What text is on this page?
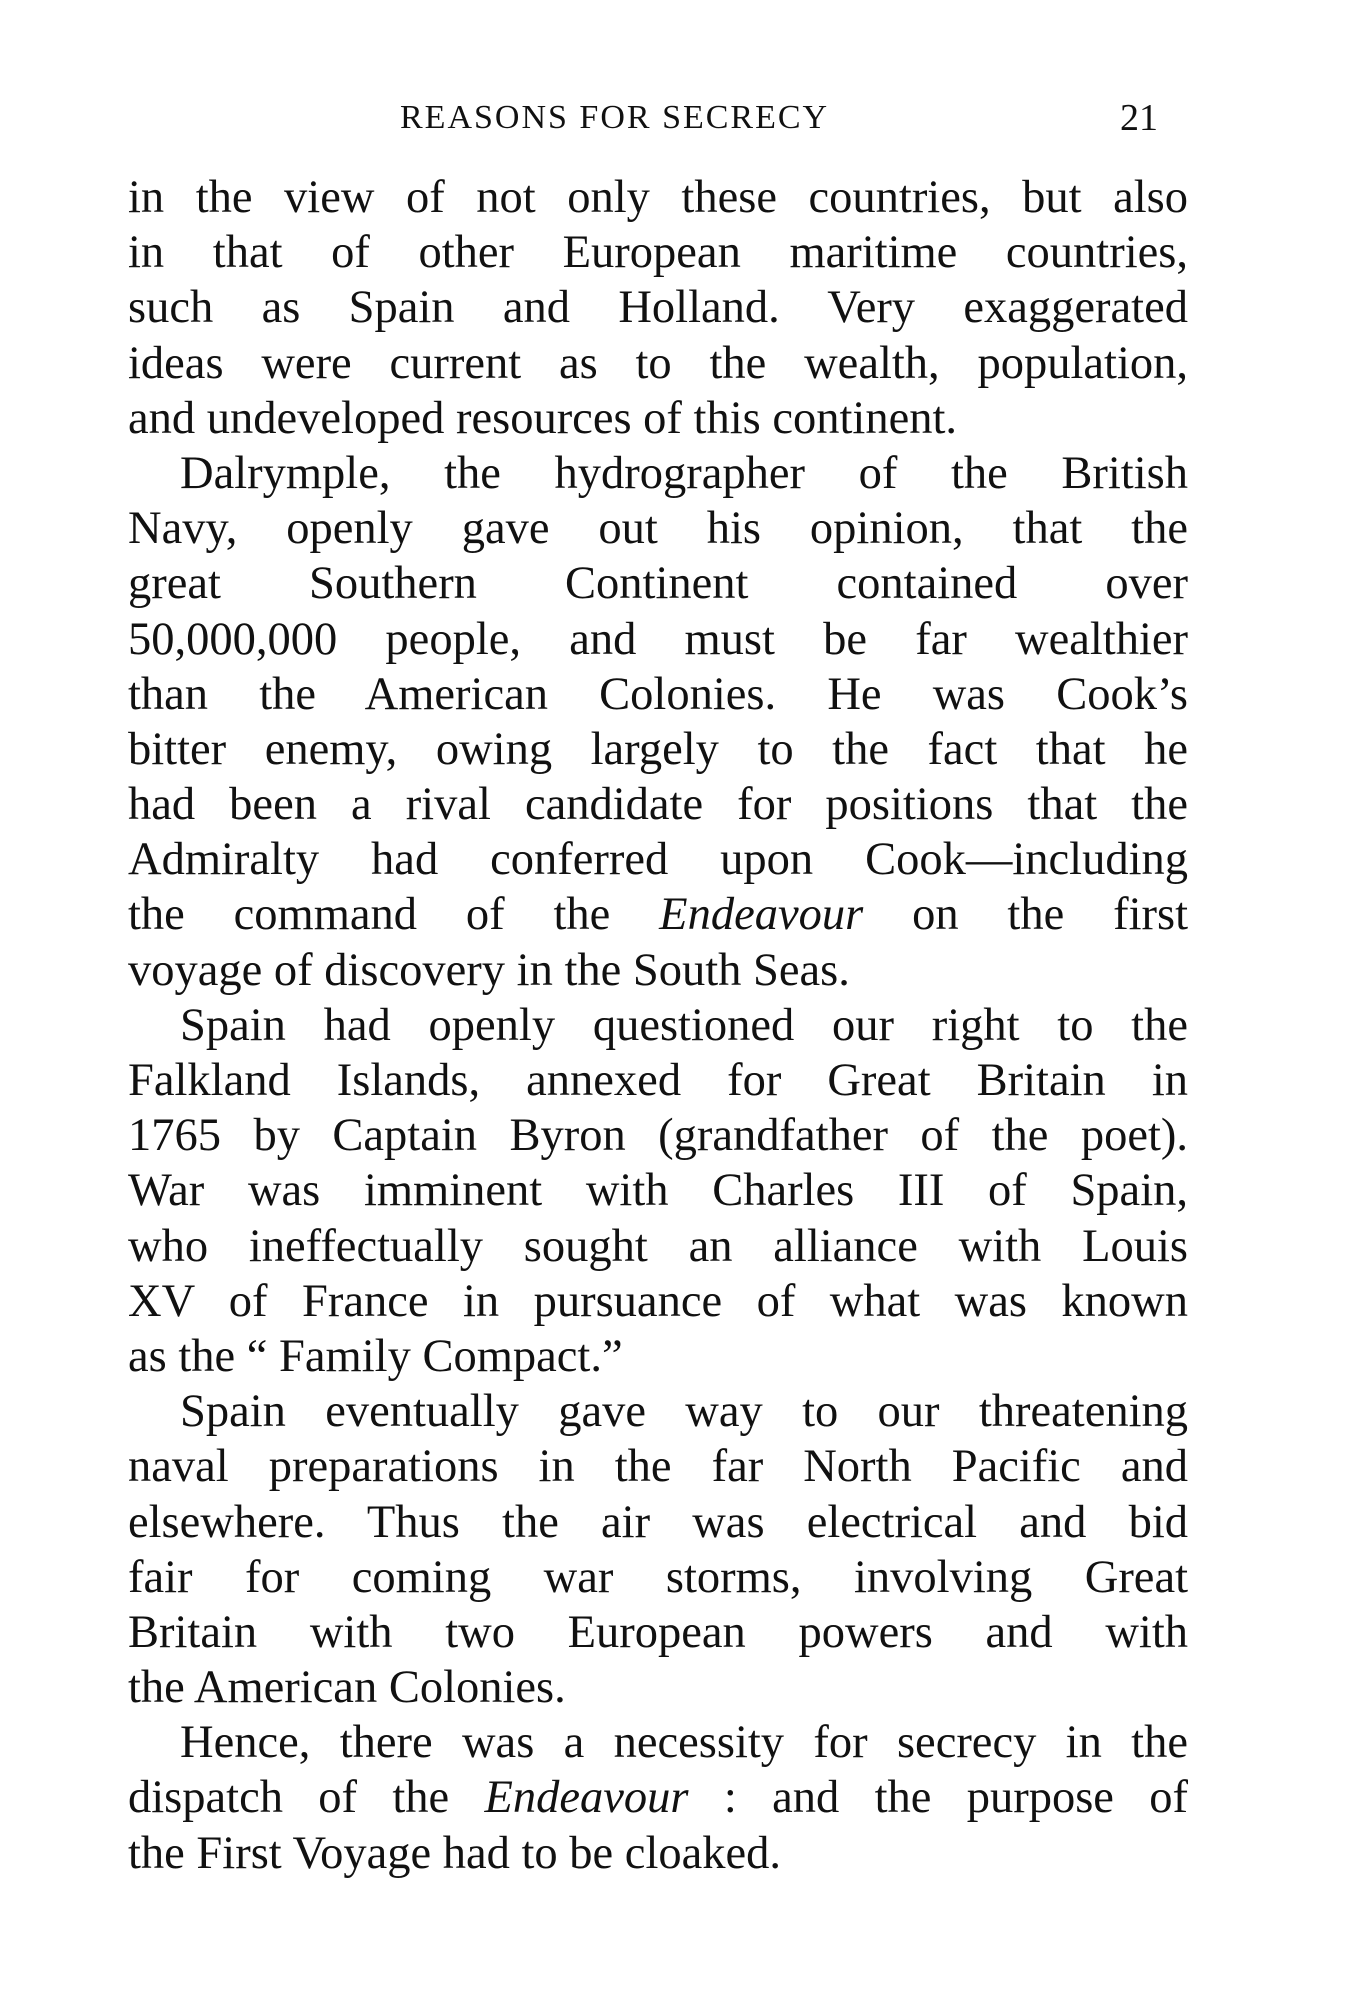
REASONS FOR SECRECY	21
in the view of not only these countries, but also
in that of other European maritime countries,
such as Spain and Holland. Very exaggerated
ideas were current as to the wealth, population,
and undeveloped resources of this continent.
Dalrymple, the hydrographer of the British
Navy, openly gave out his opinion, that the
great Southern Continent contained over
50,000,000 people, and must be far wealthier
than the American Colonies. He was Cook’s
bitter enemy, owing largely to the fact that he
had been a rival candidate for positions that the
Admiralty had conferred upon Cook—including
the command of the Endeavour on the first
voyage of discovery in the South Seas.
Spain had openly questioned our right to the
Falkland Islands, annexed for Great Britain in
1765 by Captain Byron (grandfather of the poet).
War was imminent with Charles III of Spain,
who ineffectually sought an alliance with Louis
XV of France in pursuance of what was known
as the “ Family Compact.”
Spain eventually gave way to our threatening
naval preparations in the far North Pacific and
elsewhere. Thus the air was electrical and bid
fair for coming war storms, involving Great
Britain with two European powers and with
the American Colonies.
Hence, there was a necessity for secrecy in the
dispatch of the Endeavour : and the purpose of
the First Voyage had to be cloaked.
